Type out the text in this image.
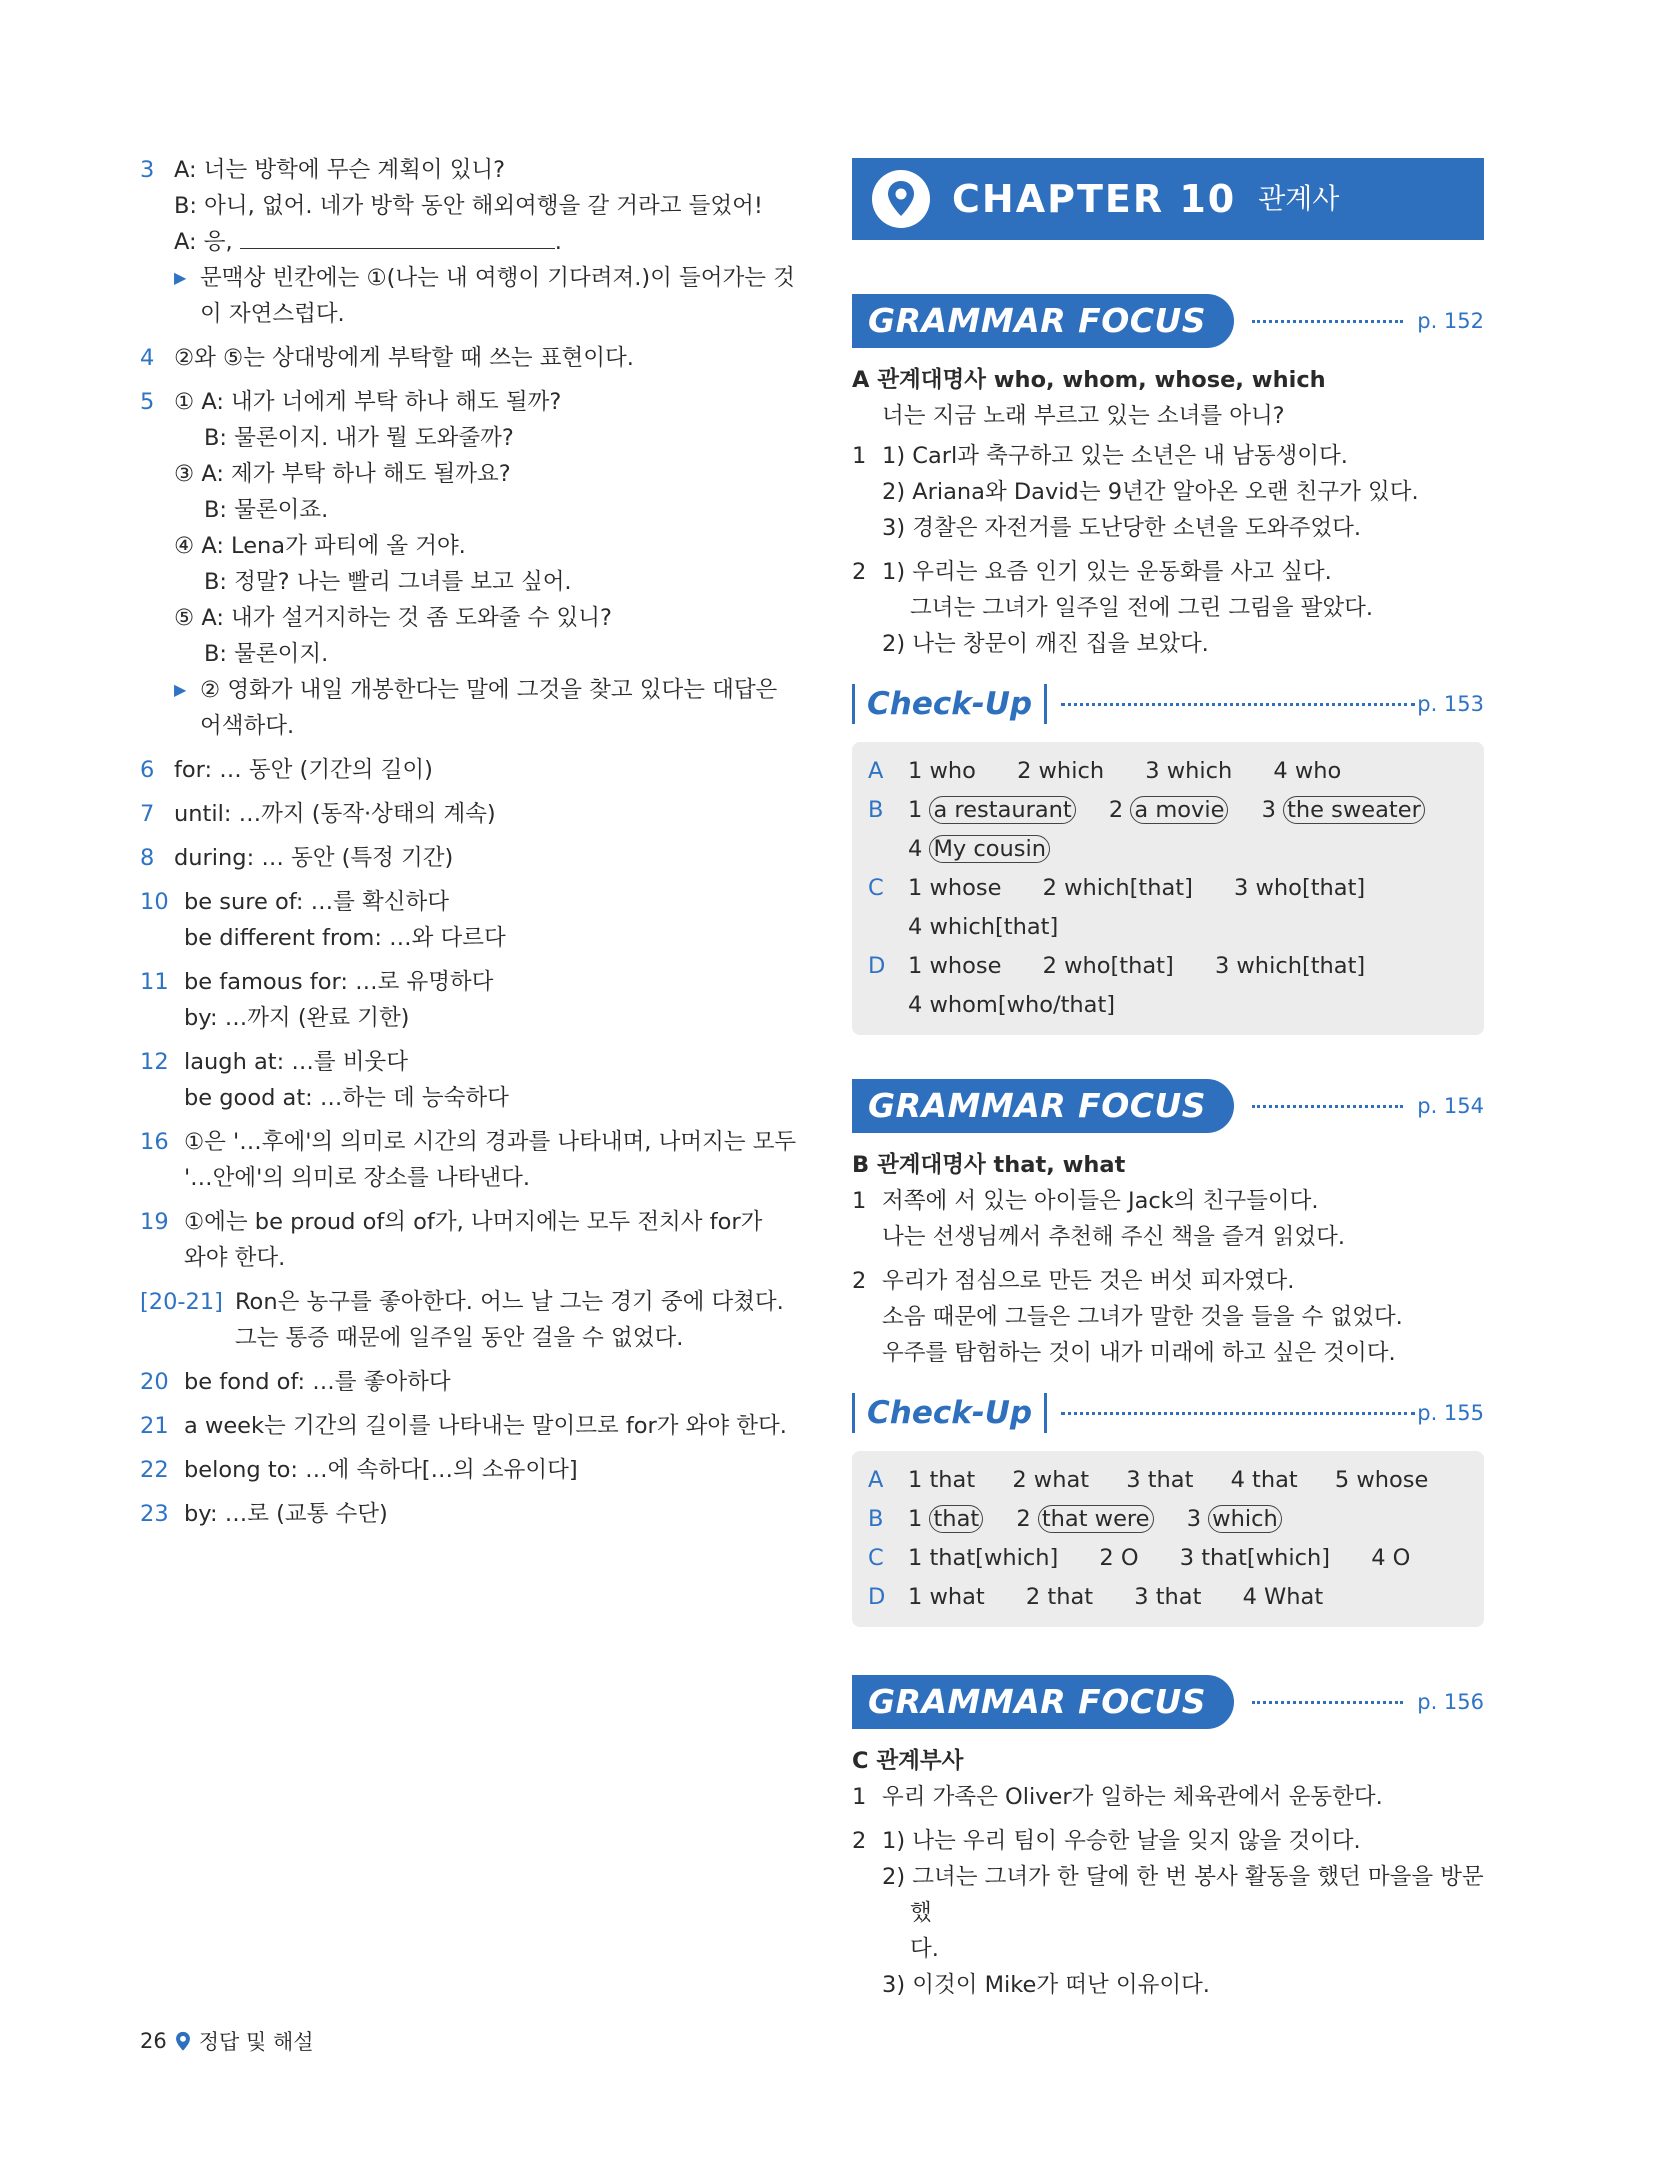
3 A: 너는 방학에 무슨 계획이 있니?
B: 아니, 없어. 네가 방학 동안 해외여행을 갈 거라고 들었어!
A: 응,	.
▶ 문맥상 빈칸에는 ①(나는 내 여행이 기다려져.)이 들어가는 것
이 자연스럽다.
4 ②와 ⑤는 상대방에게 부탁할 때 쓰는 표현이다.
5 ① A: 내가 너에게 부탁 하나 해도 될까?
B: 물론이지. 내가 뭘 도와줄까?
③ A: 제가 부탁 하나 해도 될까요?
B: 물론이죠.
④ A: Lena가 파티에 올 거야.
B: 정말? 나는 빨리 그녀를 보고 싶어.
⑤ A: 내가 설거지하는 것 좀 도와줄 수 있니?
B: 물론이지.
▶ ② 영화가 내일 개봉한다는 말에 그것을 찾고 있다는 대답은
어색하다.
6 for: … 동안 (기간의 길이)
7 until: …까지 (동작·상태의 계속)
8 during: … 동안 (특정 기간)
10 be sure of: …를 확신하다
be different from: …와 다르다
11 be famous for: …로 유명하다
by: …까지 (완료 기한)
12 laugh at: …를 비웃다
be good at: …하는 데 능숙하다
16 ①은 '…후에'의 의미로 시간의 경과를 나타내며, 나머지는 모두
'…안에'의 의미로 장소를 나타낸다.
19 ①에는 be proud of의 of가, 나머지에는 모두 전치사 for가
와야 한다.
[20-21] Ron은 농구를 좋아한다. 어느 날 그는 경기 중에 다쳤다.
그는 통증 때문에 일주일 동안 걸을 수 없었다.
20 be fond of: …를 좋아하다
21 a week는 기간의 길이를 나타내는 말이므로 for가 와야 한다.
22 belong to: …에 속하다[…의 소유이다]
23 by: …로 (교통 수단)
CHAPTER 10 관계사
GRAMMAR FOCUS	p. 152
A 관계대명사 who, whom, whose, which
너는 지금 노래 부르고 있는 소녀를 아니?
1 1) Carl과 축구하고 있는 소년은 내 남동생이다.
2) Ariana와 David는 9년간 알아온 오랜 친구가 있다.
3) 경찰은 자전거를 도난당한 소년을 도와주었다.
2 1) 우리는 요즘 인기 있는 운동화를 사고 싶다.
그녀는 그녀가 일주일 전에 그린 그림을 팔았다.
2) 나는 창문이 깨진 집을 보았다.
Check-Up	p. 153
A	1 who 2 which 3 which 4 who
B	1 a restaurant 2 a movie 3 the sweater
4 My cousin
C	1 whose 2 which[that] 3 who[that]
4 which[that]
D	1 whose 2 who[that] 3 which[that]
4 whom[who/that]
GRAMMAR FOCUS	p. 154
B 관계대명사 that, what
1 저쪽에 서 있는 아이들은 Jack의 친구들이다.
나는 선생님께서 추천해 주신 책을 즐겨 읽었다.
2 우리가 점심으로 만든 것은 버섯 피자였다.
소음 때문에 그들은 그녀가 말한 것을 들을 수 없었다.
우주를 탐험하는 것이 내가 미래에 하고 싶은 것이다.
Check-Up	p. 155
A	1 that 2 what 3 that 4 that 5 whose
B	1 that 2 that were 3 which
C	1 that[which] 2 O 3 that[which] 4 O
D	1 what 2 that 3 that 4 What
GRAMMAR FOCUS	p. 156
C 관계부사
1 우리 가족은 Oliver가 일하는 체육관에서 운동한다.
2 1) 나는 우리 팀이 우승한 날을 잊지 않을 것이다.
2) 그녀는 그녀가 한 달에 한 번 봉사 활동을 했던 마을을 방문했
다.
3) 이것이 Mike가 떠난 이유이다.
26 정답 및 해설
